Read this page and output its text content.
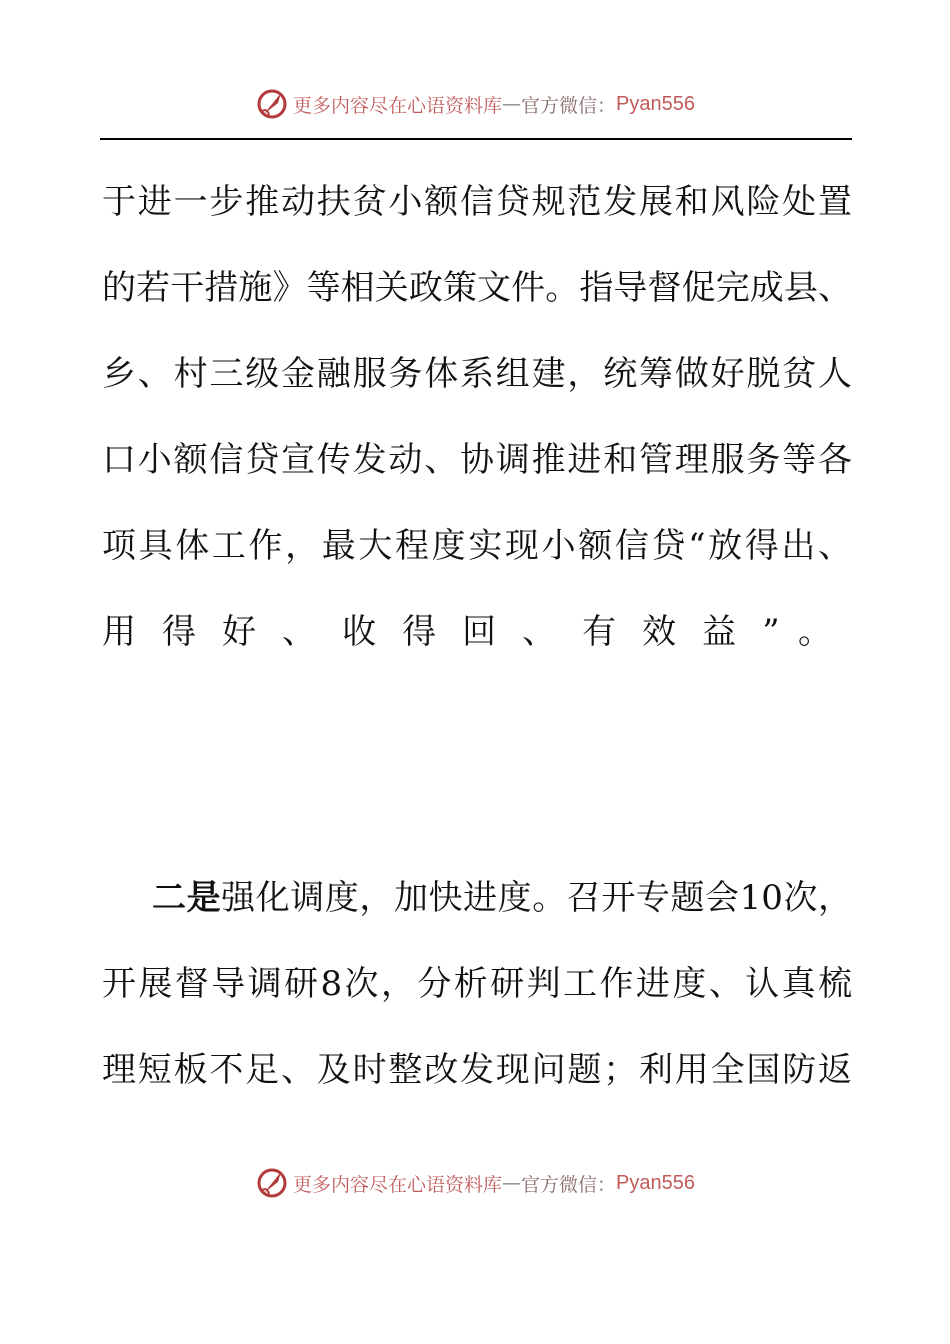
更多内容尽在心语资料库 — 官方微信： Pyan556
于进一步推动扶贫小额信贷规范发展和风险处置
的若干措施》等相关政策文件。指导督促完成县、
乡、村三级金融服务体系组建，统筹做好脱贫人
口小额信贷宣传发动、协调推进和管理服务等各
项具体工作，最大程度实现小额信贷“放得出、
用 得 好 、 收 得 回 、 有 效 益 ” 。
二是强化调度，加快进度。召开专题会10次，
开展督导调研8次，分析研判工作进度、认真梳
理短板不足、及时整改发现问题；利用全国防返
更多内容尽在心语资料库 — 官方微信： Pyan556
